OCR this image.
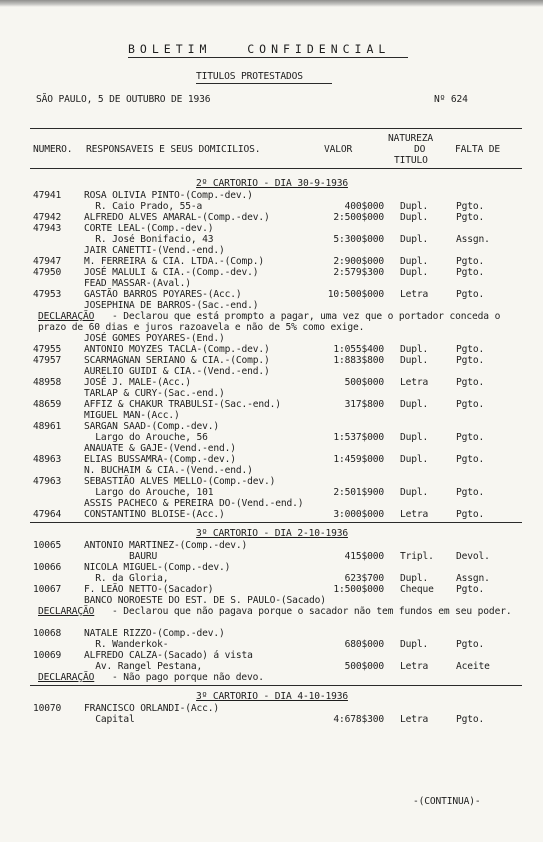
BOLETIM   CONFIDENCIAL
TITULOS PROTESTADOS
SÃO PAULO, 5 DE OUTUBRO DE 1936	Nº 624
NUMERO. RESPONSAVEIS E SEUS DOMICILIOS.	VALOR
NATUREZA
DO
TITULO
FALTA DE
2º CARTORIO - DIA 30-9-1936
47941 ROSA OLIVIA PINTO-(Comp.-dev.)
R. Caio Prado, 55-a	400$000 Dupl.	Pgto.
47942 ALFREDO ALVES AMARAL-(Comp.-dev.)	2:500$000 Dupl.	Pgto.
47943 CORTE LEAL-(Comp.-dev.)
R. José Bonifacio, 43	5:300$000 Dupl.	Assgn.
JAIR CANETTI-(Vend.-end.)
47947 M. FERREIRA & CIA. LTDA.-(Comp.)	2:900$000 Dupl.	Pgto.
47950 JOSÉ MALULI & CIA.-(Comp.-dev.)	2:579$300 Dupl.	Pgto.
FEAD MASSAR-(Aval.)
47953 GASTÃO BARROS POYARES-(Acc.)	10:500$000 Letra	Pgto.
JOSEPHINA DE BARROS-(Sac.-end.)
DECLARAÇÃO	- Declarou que está prompto a pagar, uma vez que o portador conceda o prazo de 60 dias e juros razoavela e não de 5% como exige.
JOSÉ GOMES POYARES-(End.)
47955 ANTONIO MOYZES TACLA-(Comp.-dev.)	1:055$400 Dupl.	Pgto.
47957 SCARMAGNAN SERIANO & CIA.-(Comp.)	1:883$800 Dupl.	Pgto.
AURELIO GUIDI & CIA.-(Vend.-end.)
48958 JOSÉ J. MALE-(Acc.)	500$000 Letra	Pgto.
TARLAP & CURY-(Sac.-end.)
48659 AFFIZ & CHAKUR TRABULSI-(Sac.-end.)	317$800 Dupl.	Pgto.
MIGUEL MAN-(Acc.)
48961 SARGAN SAAD-(Comp.-dev.)
Largo do Arouche, 56	1:537$000 Dupl.	Pgto.
ANAUATE & GAJE-(Vend.-end.)
48963 ELIAS BUSSAMRA-(Comp.-dev.)	1:459$000 Dupl.	Pgto.
N. BUCHAIM & CIA.-(Vend.-end.)
47963 SEBASTIÃO ALVES MELLO-(Comp.-dev.)
Largo do Arouche, 101	2:501$900 Dupl.	Pgto.
ASSIS PACHECO & PEREIRA DO-(Vend.-end.)
47964 CONSTANTINO BLOISE-(Acc.)	3:000$000 Letra	Pgto.
3º CARTORIO - DIA 2-10-1936
10065 ANTONIO MARTINEZ-(Comp.-dev.)
BAURU	415$000 Tripl. Devol.
10066 NICOLA MIGUEL-(Comp.-dev.)
R. da Gloria,	623$700 Dupl.	Assgn.
10067 F. LEÃO NETTO-(Sacador)	1:500$000 Cheque Pgto.
BANCO NOROESTE DO EST. DE S. PAULO-(Sacado)
DECLARAÇÃO	- Declarou que não pagava porque o sacador não tem fundos em seu poder.
10068 NATALE RIZZO-(Comp.-dev.)
R. Wanderkok-	680$000 Dupl.	Pgto.
10069 ALFREDO CALZA-(Sacado) á vista
Av. Rangel Pestana,	500$000 Letra	Aceite
DECLARAÇÃO	- Não pago porque não devo.
3º CARTORIO - DIA 4-10-1936
10070 FRANCISCO ORLANDI-(Acc.)
Capital	4:678$300 Letra	Pgto.
-(CONTINUA)-
